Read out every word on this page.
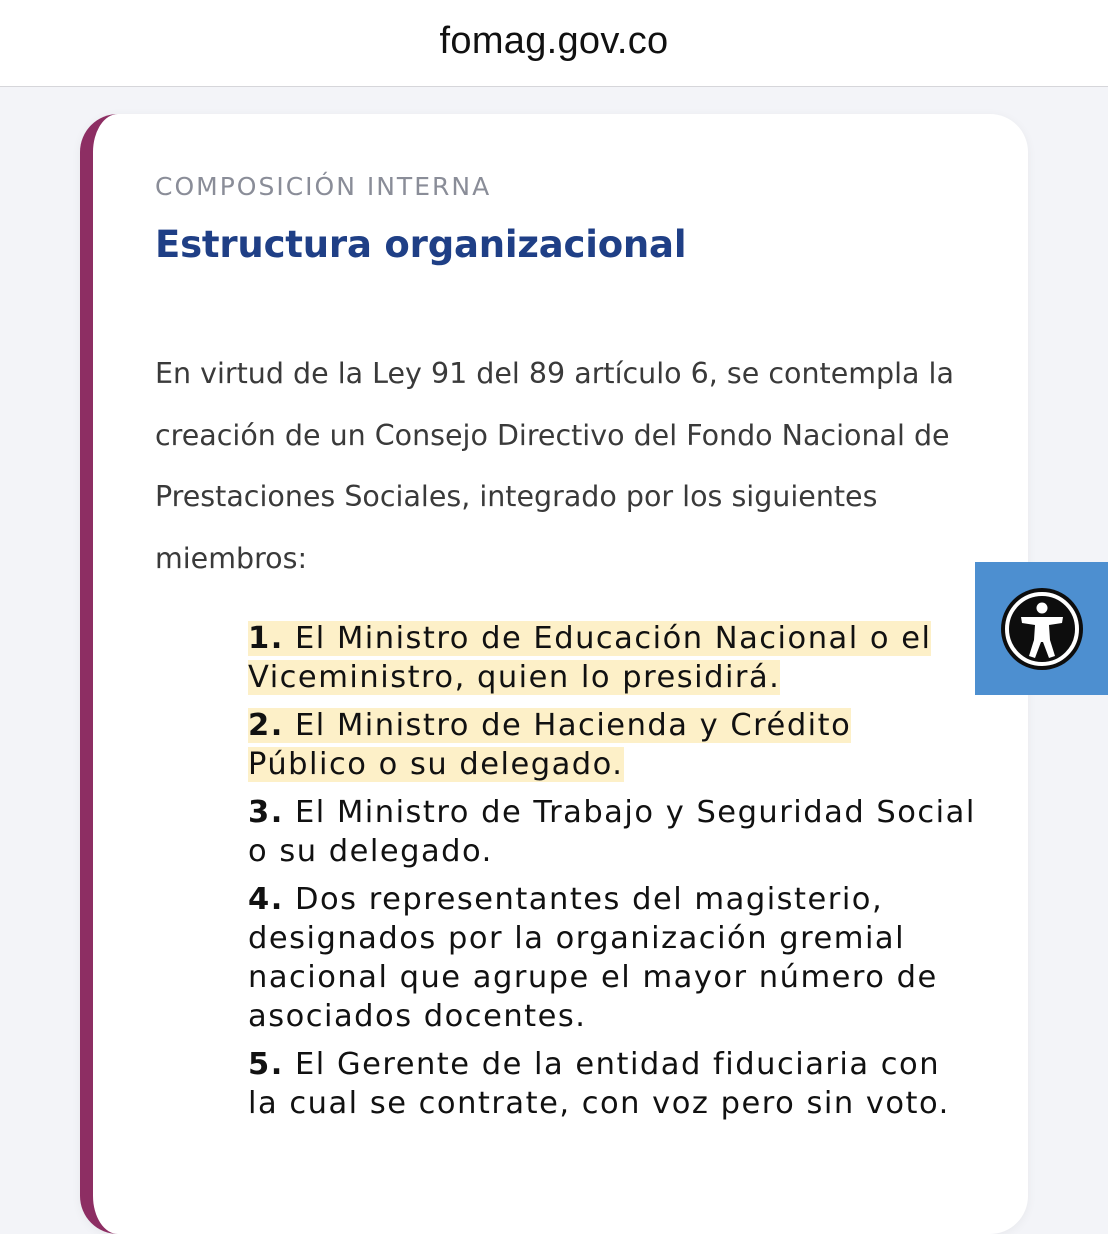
fomag.gov.co
COMPOSICIÓN INTERNA
Estructura organizacional
En virtud de la Ley 91 del 89 artículo 6, se contempla la creación de un Consejo Directivo del Fondo Nacional de Prestaciones Sociales, integrado por los siguientes miembros:
1. El Ministro de Educación Nacional o el Viceministro, quien lo presidirá.
2. El Ministro de Hacienda y Crédito Público o su delegado.
3. El Ministro de Trabajo y Seguridad Social o su delegado.
4. Dos representantes del magisterio, designados por la organización gremial nacional que agrupe el mayor número de asociados docentes.
5. El Gerente de la entidad fiduciaria con la cual se contrate, con voz pero sin voto.
